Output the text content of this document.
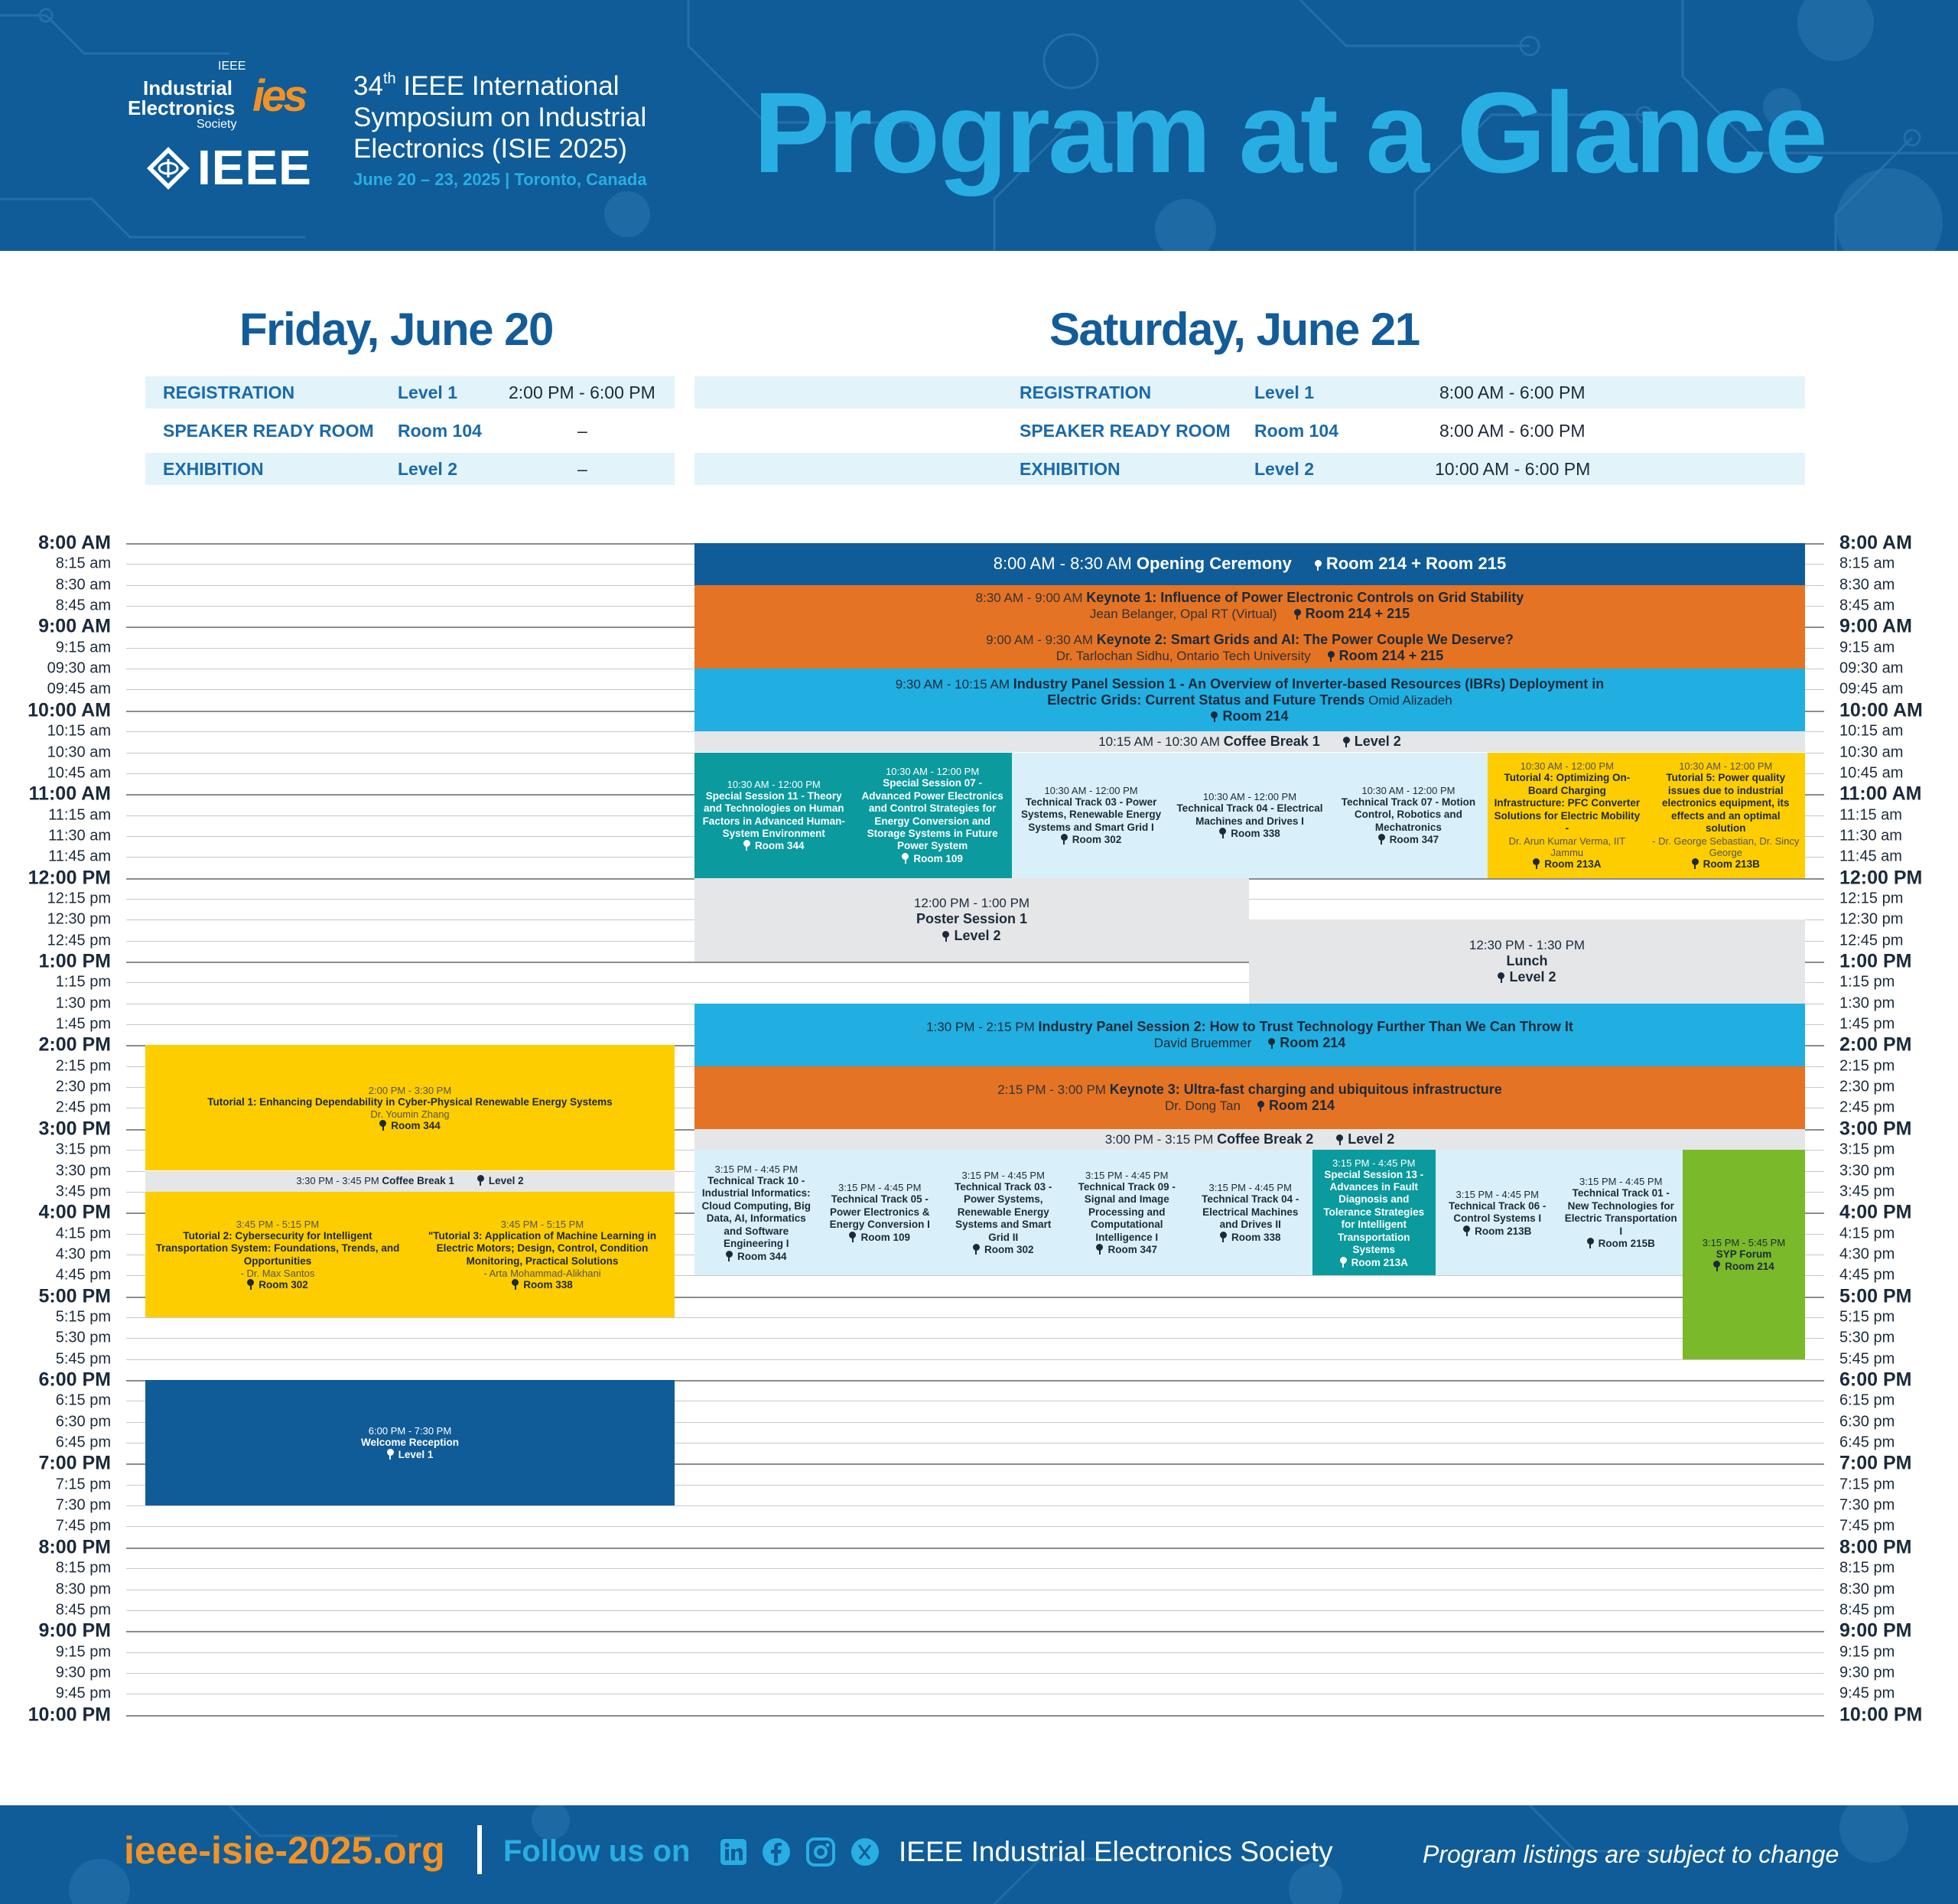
IEEE
Industrial
Electronics
Society
ies
IEEE
34th IEEE International
Symposium on Industrial
Electronics (ISIE 2025)
June 20 – 23, 2025 | Toronto, Canada Program at a Glance
Friday, June 20	Saturday, June 21
REGISTRATION	Level 1	2:00 PM - 6:00 PM
SPEAKER READY ROOM Room 104	–
EXHIBITION	Level 2	–
REGISTRATION	Level 1	8:00 AM - 6:00 PM
SPEAKER READY ROOM Room 104	8:00 AM - 6:00 PM
EXHIBITION	Level 2	10:00 AM - 6:00 PM
8:00 AM	8:00 AM
8:15 am	8:15 am
8:30 am	8:30 am
8:45 am	8:45 am
9:00 AM	9:00 AM
9:15 am	9:15 am
09:30 am	09:30 am
09:45 am	09:45 am
10:00 AM	10:00 AM
10:15 am	10:15 am
10:30 am	10:30 am
10:45 am	10:45 am
11:00 AM	11:00 AM
11:15 am	11:15 am
11:30 am	11:30 am
11:45 am	11:45 am
12:00 PM	12:00 PM
12:15 pm	12:15 pm
12:30 pm	12:30 pm
12:45 pm	12:45 pm
1:00 PM	1:00 PM
1:15 pm	1:15 pm
1:30 pm	1:30 pm
1:45 pm	1:45 pm
2:00 PM	2:00 PM
2:15 pm	2:15 pm
2:30 pm	2:30 pm
2:45 pm	2:45 pm
3:00 PM	3:00 PM
3:15 pm	3:15 pm
3:30 pm	3:30 pm
3:45 pm	3:45 pm
4:00 PM	4:00 PM
4:15 pm	4:15 pm
4:30 pm	4:30 pm
4:45 pm	4:45 pm
5:00 PM	5:00 PM
5:15 pm	5:15 pm
5:30 pm	5:30 pm
5:45 pm	5:45 pm
6:00 PM	6:00 PM
6:15 pm	6:15 pm
6:30 pm	6:30 pm
6:45 pm	6:45 pm
7:00 PM	7:00 PM
7:15 pm	7:15 pm
7:30 pm	7:30 pm
7:45 pm	7:45 pm
8:00 PM	8:00 PM
8:15 pm	8:15 pm
8:30 pm	8:30 pm
8:45 pm	8:45 pm
9:00 PM	9:00 PM
9:15 pm	9:15 pm
9:30 pm	9:30 pm
9:45 pm	9:45 pm
10:00 PM	10:00 PM
8:00 AM - 8:30 AM Opening Ceremony Room 214 + Room 215
8:30 AM - 9:00 AM Keynote 1: Influence of Power Electronic Controls on Grid Stability
Jean Belanger, Opal RT (Virtual) Room 214 + 215
9:00 AM - 9:30 AM Keynote 2: Smart Grids and AI: The Power Couple We Deserve?
Dr. Tarlochan Sidhu, Ontario Tech University Room 214 + 215
9:30 AM - 10:15 AM Industry Panel Session 1 - An Overview of Inverter-based Resources (IBRs) Deployment in Electric Grids: Current Status and Future Trends Omid Alizadeh
Room 214
10:15 AM - 10:30 AM Coffee Break 1	Level 2
10:30 AM - 12:00 PM
Special Session 11 - Theory and Technologies on Human Factors in Advanced Human-System Environment
Room 344
10:30 AM - 12:00 PM
Special Session 07 - Advanced Power Electronics and Control Strategies for Energy Conversion and Storage Systems in Future Power System
Room 109
10:30 AM - 12:00 PM
Technical Track 03 - Power Systems, Renewable Energy Systems and Smart Grid I
Room 302
10:30 AM - 12:00 PM
Technical Track 04 - Electrical Machines and Drives I
Room 338
10:30 AM - 12:00 PM
Technical Track 07 - Motion Control, Robotics and Mechatronics
Room 347
10:30 AM - 12:00 PM
Tutorial 4: Optimizing On-Board Charging Infrastructure: PFC Converter Solutions for Electric Mobility -
Dr. Arun Kumar Verma, IIT Jammu
Room 213A
10:30 AM - 12:00 PM
Tutorial 5: Power quality issues due to industrial electronics equipment, its effects and an optimal solution
- Dr. George Sebastian, Dr. Sincy George
Room 213B
12:00 PM - 1:00 PM
Poster Session 1
Level 2
12:30 PM - 1:30 PM
Lunch
Level 2
1:30 PM - 2:15 PM Industry Panel Session 2: How to Trust Technology Further Than We Can Throw It
David Bruemmer Room 214
2:15 PM - 3:00 PM Keynote 3: Ultra-fast charging and ubiquitous infrastructure
Dr. Dong Tan Room 214
3:00 PM - 3:15 PM Coffee Break 2	Level 2
3:15 PM - 4:45 PM
Technical Track 10 - Industrial Informatics: Cloud Computing, Big Data, AI, Informatics and Software Engineering I
Room 344
3:15 PM - 4:45 PM
Technical Track 05 - Power Electronics & Energy Conversion I
Room 109
3:15 PM - 4:45 PM
Technical Track 03 - Power Systems, Renewable Energy Systems and Smart Grid II
Room 302
3:15 PM - 4:45 PM
Technical Track 09 - Signal and Image Processing and Computational Intelligence I
Room 347
3:15 PM - 4:45 PM
Technical Track 04 - Electrical Machines and Drives II
Room 338
3:15 PM - 4:45 PM
Special Session 13 - Advances in Fault Diagnosis and Tolerance Strategies for Intelligent Transportation Systems
Room 213A
3:15 PM - 4:45 PM
Technical Track 06 - Control Systems I
Room 213B
3:15 PM - 4:45 PM
Technical Track 01 - New Technologies for Electric Transportation I
Room 215B	3:15 PM - 5:45 PM
SYP Forum
Room 214
2:00 PM - 3:30 PM
Tutorial 1: Enhancing Dependability in Cyber-Physical Renewable Energy Systems
Dr. Youmin Zhang
Room 344
3:30 PM - 3:45 PM Coffee Break 1	Level 2
3:45 PM - 5:15 PM
Tutorial 2: Cybersecurity for Intelligent Transportation System: Foundations, Trends, and Opportunities
- Dr. Max Santos
Room 302
3:45 PM - 5:15 PM
"Tutorial 3: Application of Machine Learning in Electric Motors; Design, Control, Condition Monitoring, Practical Solutions
- Arta Mohammad-Alikhani
Room 338
6:00 PM - 7:30 PM
Welcome Reception
Level 1
ieee-isie-2025.org Follow us on	IEEE Industrial Electronics Society	Program listings are subject to change
